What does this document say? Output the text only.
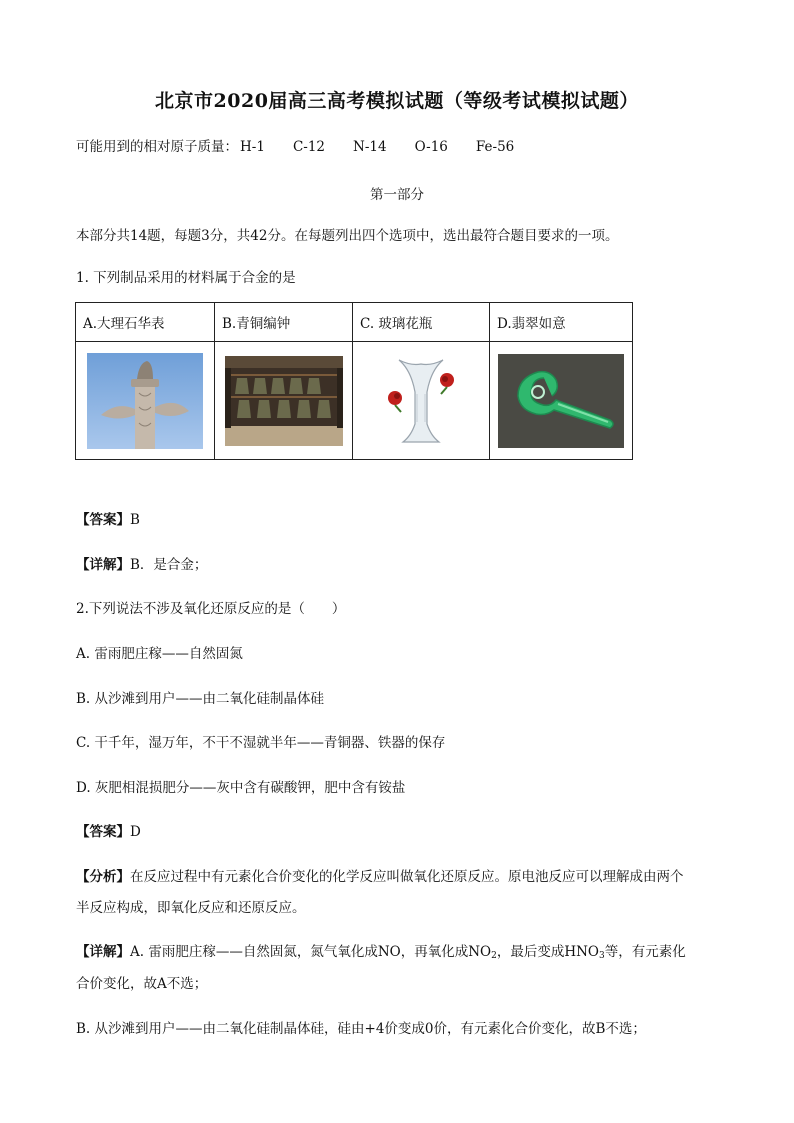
北京市2020届高三高考模拟试题（等级考试模拟试题）
可能用到的相对原子质量： H-1 C-12 N-14 O-16 Fe-56
第一部分
本部分共14题，每题3分，共42分。在每题列出四个选项中，选出最符合题目要求的一项。
1. 下列制品采用的材料属于合金的是
A.大理石华表	B.青铜编钟	C. 玻璃花瓶	D.翡翠如意

【答案】B
【详解】B．是合金；
2.下列说法不涉及氧化还原反应的是（　　）
A. 雷雨肥庄稼——自然固氮
B. 从沙滩到用户——由二氧化硅制晶体硅
C. 干千年，湿万年，不干不湿就半年——青铜器、铁器的保存
D. 灰肥相混损肥分——灰中含有碳酸钾，肥中含有铵盐
【答案】D
【分析】在反应过程中有元素化合价变化的化学反应叫做氧化还原反应。原电池反应可以理解成由两个
半反应构成，即氧化反应和还原反应。
【详解】A. 雷雨肥庄稼——自然固氮，氮气氧化成NO，再氧化成$NO_2$，最后变成$HNO_3$等，有元素化
合价变化，故A不选；
B. 从沙滩到用户——由二氧化硅制晶体硅，硅由+4价变成0价，有元素化合价变化，故B不选；
